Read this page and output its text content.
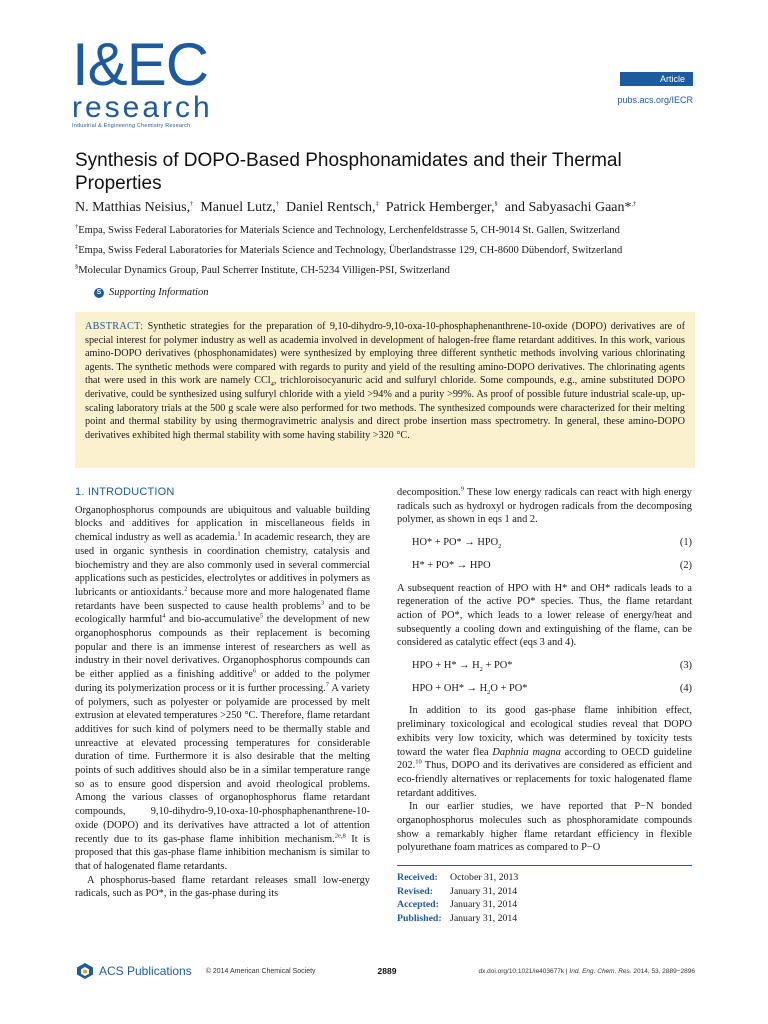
I&EC
research
Industrial & Engineering Chemistry Research
Article
pubs.acs.org/IECR
Synthesis of DOPO-Based Phosphonamidates and their Thermal Properties
N. Matthias Neisius,† Manuel Lutz,† Daniel Rentsch,‡ Patrick Hemberger,§ and Sabyasachi Gaan*,†
†Empa, Swiss Federal Laboratories for Materials Science and Technology, Lerchenfeldstrasse 5, CH-9014 St. Gallen, Switzerland
‡Empa, Swiss Federal Laboratories for Materials Science and Technology, Überlandstrasse 129, CH-8600 Dübendorf, Switzerland
§Molecular Dynamics Group, Paul Scherrer Institute, CH-5234 Villigen-PSI, Switzerland
S Supporting Information
ABSTRACT: Synthetic strategies for the preparation of 9,10-dihydro-9,10-oxa-10-phosphaphenanthrene-10-oxide (DOPO) derivatives are of special interest for polymer industry as well as academia involved in development of halogen-free flame retardant additives. In this work, various amino-DOPO derivatives (phosphonamidates) were synthesized by employing three different synthetic methods involving various chlorinating agents. The synthetic methods were compared with regards to purity and yield of the resulting amino-DOPO derivatives. The chlorinating agents that were used in this work are namely CCl$_4$, trichloroisocyanuric acid and sulfuryl chloride. Some compounds, e.g., amine substituted DOPO derivative, could be synthesized using sulfuryl chloride with a yield >94% and a purity >99%. As proof of possible future industrial scale-up, up-scaling laboratory trials at the 500 g scale were also performed for two methods. The synthesized compounds were characterized for their melting point and thermal stability by using thermogravimetric analysis and direct probe insertion mass spectrometry. In general, these amino-DOPO derivatives exhibited high thermal stability with some having stability >320 °C.
1. INTRODUCTION

Organophosphorus compounds are ubiquitous and valuable building blocks and additives for application in miscellaneous fields in chemical industry as well as academia.$^1$ In academic research, they are used in organic synthesis in coordination chemistry, catalysis and biochemistry and they are also commonly used in several commercial applications such as pesticides, electrolytes or additives in polymers as lubricants or antioxidants.$^2$ because more and more halogenated flame retardants have been suspected to cause health problems$^3$ and to be ecologically harmful$^4$ and bio-accumulative$^5$ the development of new organophosphorus compounds as their replacement is becoming popular and there is an immense interest of researchers as well as industry in their novel derivatives. Organophosphorus compounds can be either applied as a finishing additive$^6$ or added to the polymer during its polymerization process or it is further processing.$^7$ A variety of polymers, such as polyester or polyamide are processed by melt extrusion at elevated temperatures >250 °C. Therefore, flame retardant additives for such kind of polymers need to be thermally stable and unreactive at elevated processing temperatures for considerable duration of time. Furthermore it is also desirable that the melting points of such additives should also be in a similar temperature range so as to ensure good dispersion and avoid rheological problems. Among the various classes of organophosphorus flame retardant compounds, 9,10-dihydro-9,10-oxa-10-phosphaphenanthrene-10-oxide (DOPO) and its derivatives have attracted a lot of attention recently due to its gas-phase flame inhibition mechanism.$^{2e,8}$ It is proposed that this gas-phase flame inhibition mechanism is similar to that of halogenated flame retardants.

A phosphorus-based flame retardant releases small low-energy radicals, such as PO*, in the gas-phase during its

decomposition.$^9$ These low energy radicals can react with high energy radicals such as hydroxyl or hydrogen radicals from the decomposing polymer, as shown in eqs 1 and 2.

$HO* + PO* \to HPO_2$	(1)
H* + PO* → HPO	(2)

A subsequent reaction of HPO with H* and OH* radicals leads to a regeneration of the active PO* species. Thus, the flame retardant action of PO*, which leads to a lower release of energy/heat and subsequently a cooling down and extinguishing of the flame, can be considered as catalytic effect (eqs 3 and 4).

HPO + $H* \to H_2 + PO*$	(3)
HPO + $OH* \to H_2O + PO*$	(4)

In addition to its good gas-phase flame inhibition effect, preliminary toxicological and ecological studies reveal that DOPO exhibits very low toxicity, which was determined by toxicity tests toward the water flea Daphnia magna according to OECD guideline 202.10 Thus, DOPO and its derivatives are considered as efficient and eco-friendly alternatives or replacements for toxic halogenated flame retardant additives.

In our earlier studies, we have reported that P−N bonded organophosphorus molecules such as phosphoramidate compounds show a remarkably higher flame retardant efficiency in flexible polyurethane foam matrices as compared to P−O

Received:	October 31, 2013
Revised:	January 31, 2014
Accepted:	January 31, 2014
Published: January 31, 2014
ACS Publications © 2014 American Chemical Society	2889	dx.doi.org/10.1021/ie403677k | Ind. Eng. Chem. Res. 2014, 53, 2889−2896
